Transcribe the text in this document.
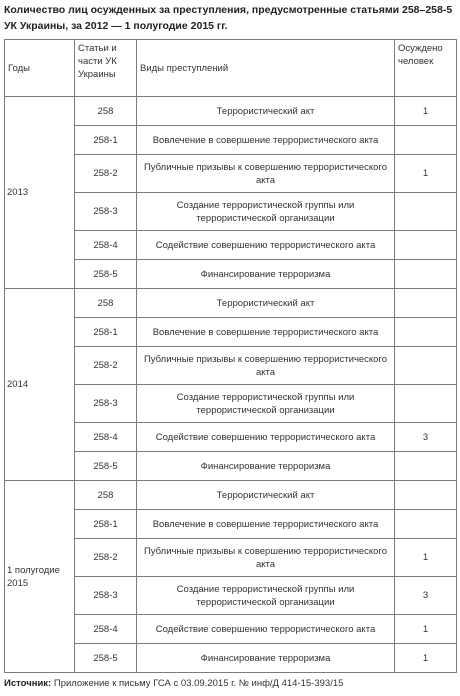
Количество лиц осужденных за преступления, предусмотренные статьями 258–258-5 УК Украины, за 2012 — 1 полугодие 2015 гг.
Годы	Статьи и части УК Украины	Виды преступлений	Осуждено человек
2013	258	Террористический акт	1
	258-1	Вовлечение в совершение террористического акта	
	258-2	Публичные призывы к совершению террористического акта	1
	258-3	Создание террористической группы или террористической организации	
	258-4	Содействие совершению террористического акта	
	258-5	Финансирование терроризма	
2014	258	Террористический акт	
	258-1	Вовлечение в совершение террористического акта	
	258-2	Публичные призывы к совершению террористического акта	
	258-3	Создание террористической группы или террористической организации	
	258-4	Содействие совершению террористического акта	3
	258-5	Финансирование терроризма	
1 полугодие 2015	258	Террористический акт	
	258-1	Вовлечение в совершение террористического акта	
	258-2	Публичные призывы к совершению террористического акта	1
	258-3	Создание террористической группы или террористической организации	3
	258-4	Содействие совершению террористического акта	1
	258-5	Финансирование терроризма	1
Источник: Приложение к письму ГСА с 03.09.2015 г. № инф/Д 414-15-393/15
